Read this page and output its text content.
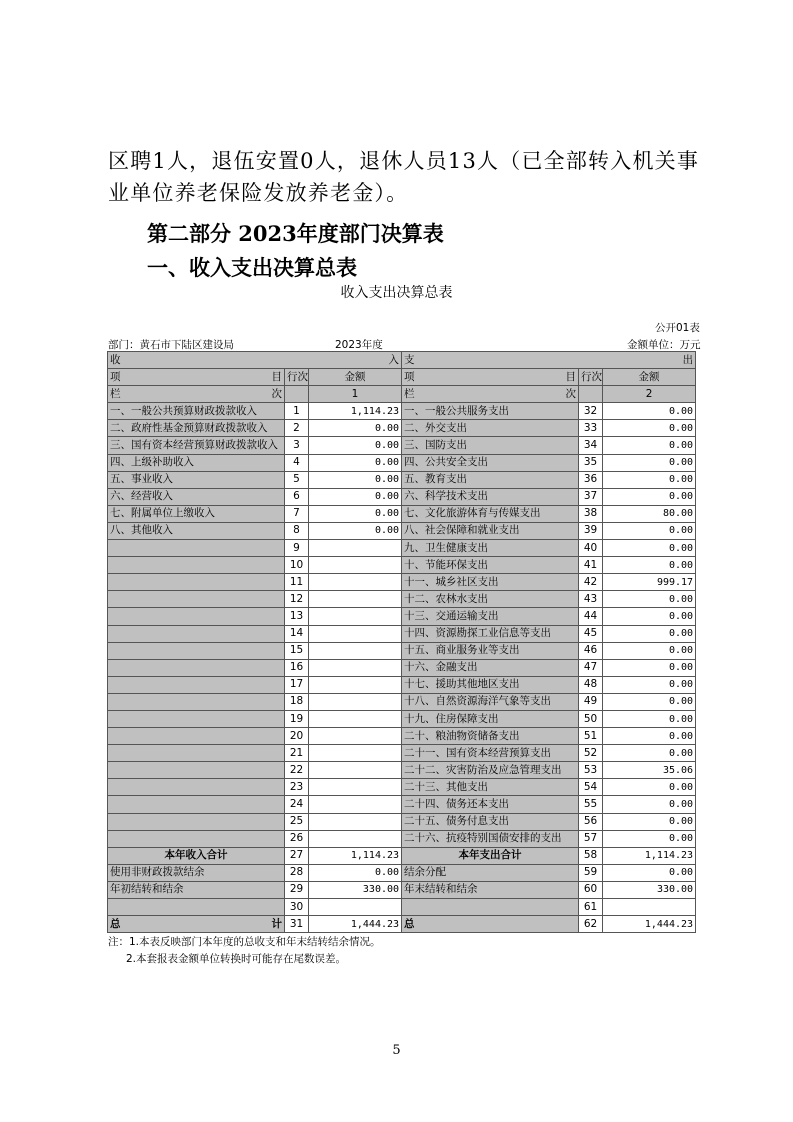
区聘1人，退伍安置0人，退休人员13人（已全部转入机关事
业单位养老保险发放养老金）。
第二部分 2023年度部门决算表
一、收入支出决算总表
收入支出决算总表
公开01表
部门：黄石市下陆区建设局	2023年度	金额单位：万元
收 入			支 出		

项 目	行次	金额	项 目	行次	金额

栏 次		1	栏 次		2
一、一般公共预算财政拨款收入	1	1,114.23	一、一般公共服务支出	32	0.00
二、政府性基金预算财政拨款收入	2	0.00	二、外交支出	33	0.00
三、国有资本经营预算财政拨款收入	3	0.00	三、国防支出	34	0.00
四、上级补助收入	4	0.00	四、公共安全支出	35	0.00
五、事业收入	5	0.00	五、教育支出	36	0.00
六、经营收入	6	0.00	六、科学技术支出	37	0.00
七、附属单位上缴收入	7	0.00	七、文化旅游体育与传媒支出	38	80.00
八、其他收入	8	0.00	八、社会保障和就业支出	39	0.00
	9		九、卫生健康支出	40	0.00
	10		十、节能环保支出	41	0.00
	11		十一、城乡社区支出	42	999.17
	12		十二、农林水支出	43	0.00
	13		十三、交通运输支出	44	0.00
	14		十四、资源勘探工业信息等支出	45	0.00
	15		十五、商业服务业等支出	46	0.00
	16		十六、金融支出	47	0.00
	17		十七、援助其他地区支出	48	0.00
	18		十八、自然资源海洋气象等支出	49	0.00
	19		十九、住房保障支出	50	0.00
	20		二十、粮油物资储备支出	51	0.00
	21		二十一、国有资本经营预算支出	52	0.00
	22		二十二、灾害防治及应急管理支出	53	35.06
	23		二十三、其他支出	54	0.00
	24		二十四、债务还本支出	55	0.00
	25		二十五、债务付息支出	56	0.00
	26		二十六、抗疫特别国债安排的支出	57	0.00
本年收入合计	27	1,114.23	本年支出合计	58	1,114.23
使用非财政拨款结余	28	0.00	结余分配	59	0.00
年初结转和结余	29	330.00	年末结转和结余	60	330.00
	30			61	

总 计	31	1,444.23	总	62	1,444.23
注：1.本表反映部门本年度的总收支和年末结转结余情况。
2.本套报表金额单位转换时可能存在尾数误差。
5
